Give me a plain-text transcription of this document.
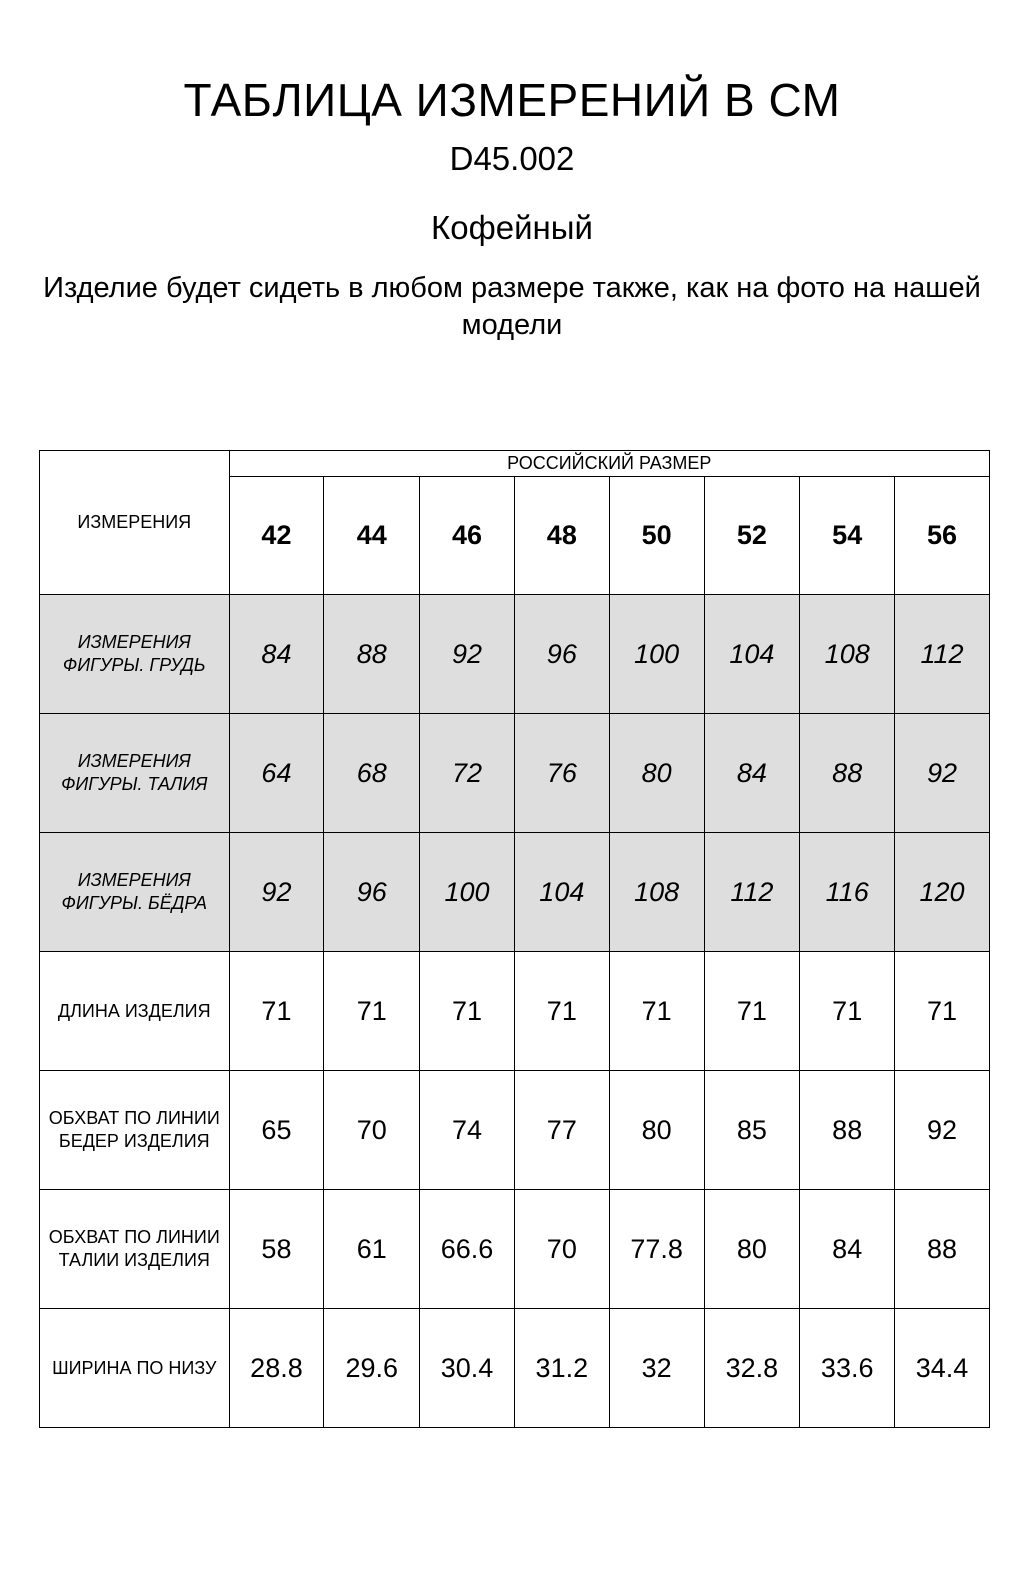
ТАБЛИЦА ИЗМЕРЕНИЙ В СМ
D45.002
Кофейный
Изделие будет сидеть в любом размере также, как на фото на нашей модели
ИЗМЕРЕНИЯ	РОССИЙСКИЙ РАЗМЕР							
	42	44	46	48	50	52	54	56
ИЗМЕРЕНИЯ ФИГУРЫ. ГРУДЬ	84	88	92	96	100	104	108	112
ИЗМЕРЕНИЯ ФИГУРЫ. ТАЛИЯ	64	68	72	76	80	84	88	92
ИЗМЕРЕНИЯ ФИГУРЫ. БЁДРА	92	96	100	104	108	112	116	120
ДЛИНА ИЗДЕЛИЯ	71	71	71	71	71	71	71	71
ОБХВАТ ПО ЛИНИИ БЕДЕР ИЗДЕЛИЯ	65	70	74	77	80	85	88	92
ОБХВАТ ПО ЛИНИИ ТАЛИИ ИЗДЕЛИЯ	58	61	66.6	70	77.8	80	84	88
ШИРИНА ПО НИЗУ	28.8	29.6	30.4	31.2	32	32.8	33.6	34.4
